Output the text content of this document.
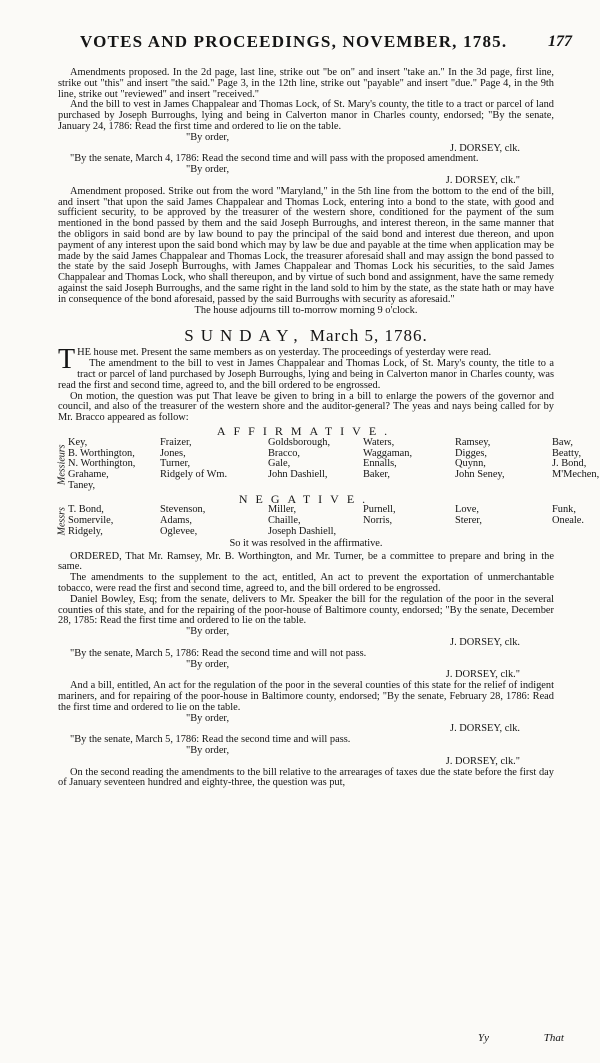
VOTES AND PROCEEDINGS, NOVEMBER, 1785.	177

Amendments proposed. In the 2d page, last line, strike out "be on" and insert "take an." In the 3d page, first line, strike out "this" and insert "the said." Page 3, in the 12th line, strike out "payable" and insert "due." Page 4, in the 9th line, strike out "reviewed" and insert "received."

And the bill to vest in James Chappalear and Thomas Lock, of St. Mary's county, the title to a tract or parcel of land purchased by Joseph Burroughs, lying and being in Calverton manor in Charles county, endorsed; "By the senate, January 24, 1786: Read the first time and ordered to lie on the table.

"By order,

J. DORSEY, clk.

"By the senate, March 4, 1786: Read the second time and will pass with the proposed amendment.

"By order,

J. DORSEY, clk."

Amendment proposed. Strike out from the word "Maryland," in the 5th line from the bottom to the end of the bill, and insert "that upon the said James Chappalear and Thomas Lock, entering into a bond to the state, with good and sufficient security, to be approved by the treasurer of the western shore, conditioned for the payment of the sum mentioned in the bond passed by them and the said Joseph Burroughs, and interest thereon, in the same manner that the obligors in said bond are by law bound to pay the principal of the said bond and interest due thereon, and upon payment of any interest upon the said bond which may by law be due and payable at the time when application may be made by the said James Chappalear and Thomas Lock, the treasurer aforesaid shall and may assign the bond passed to the state by the said Joseph Burroughs, with James Chappalear and Thomas Lock his securities, to the said James Chappalear and Thomas Lock, who shall thereupon, and by virtue of such bond and assignment, have the same remedy against the said Joseph Burroughs, and the same right in the land sold to him by the state, as the state hath or may have in consequence of the bond aforesaid, passed by the said Burroughs with security as aforesaid."

The house adjourns till to-morrow morning 9 o'clock.

SUNDAY, March 5, 1786.
T HE house met. Present the same members as on yesterday. The proceedings of yesterday were read.

The amendment to the bill to vest in James Chappalear and Thomas Lock, of St. Mary's county, the title to a tract or parcel of land purchased by Joseph Burroughs, lying and being in Calverton manor in Charles county, was read the first and second time, agreed to, and the bill ordered to be engrossed.

On motion, the question was put That leave be given to bring in a bill to enlarge the powers of the governor and council, and also of the treasurer of the western shore and the auditor-general? The yeas and nays being called for by Mr. Bracco appeared as follow:

AFFIRMATIVE.
Messieurs
Key,	Fraizer,	Goldsborough,	Waters,	Ramsey,	Baw,
B. Worthington,	Jones,	Bracco,	Waggaman,	Digges,	Beatty,
N. Worthington,	Turner,	Gale,	Ennalls,	Quynn,	J. Bond,
Grahame,	Ridgely of Wm.	John Dashiell,	Baker,	John Seney,	M'Mechen,
Taney,
NEGATIVE.
Messrs T. Bond,	Stevenson,	Miller,	Purnell,	Love,	Funk,
Somervile,	Adams,	Chaille,	Norris,	Sterer,	Oneale.
Ridgely,	Oglevee,	Joseph Dashiell,

So it was resolved in the affirmative.

ORDERED, That Mr. Ramsey, Mr. B. Worthington, and Mr. Turner, be a committee to prepare and bring in the same.

The amendments to the supplement to the act, entitled, An act to prevent the exportation of unmerchantable tobacco, were read the first and second time, agreed to, and the bill ordered to be engrossed.

Daniel Bowley, Esq; from the senate, delivers to Mr. Speaker the bill for the regulation of the poor in the several counties of this state, and for the repairing of the poor-house of Baltimore county, endorsed; "By the senate, December 28, 1785: Read the first time and ordered to lie on the table.

"By order,

J. DORSEY, clk.

"By the senate, March 5, 1786: Read the second time and will not pass.

"By order,

J. DORSEY, clk."

And a bill, entitled, An act for the regulation of the poor in the several counties of this state for the relief of indigent mariners, and for repairing of the poor-house in Baltimore county, endorsed; "By the senate, February 28, 1786: Read the first time and ordered to lie on the table.

"By order,

J. DORSEY, clk.

"By the senate, March 5, 1786: Read the second time and will pass.

"By order,

J. DORSEY, clk."

On the second reading the amendments to the bill relative to the arrearages of taxes due the state before the first day of January seventeen hundred and eighty-three, the question was put,

Yy	That
